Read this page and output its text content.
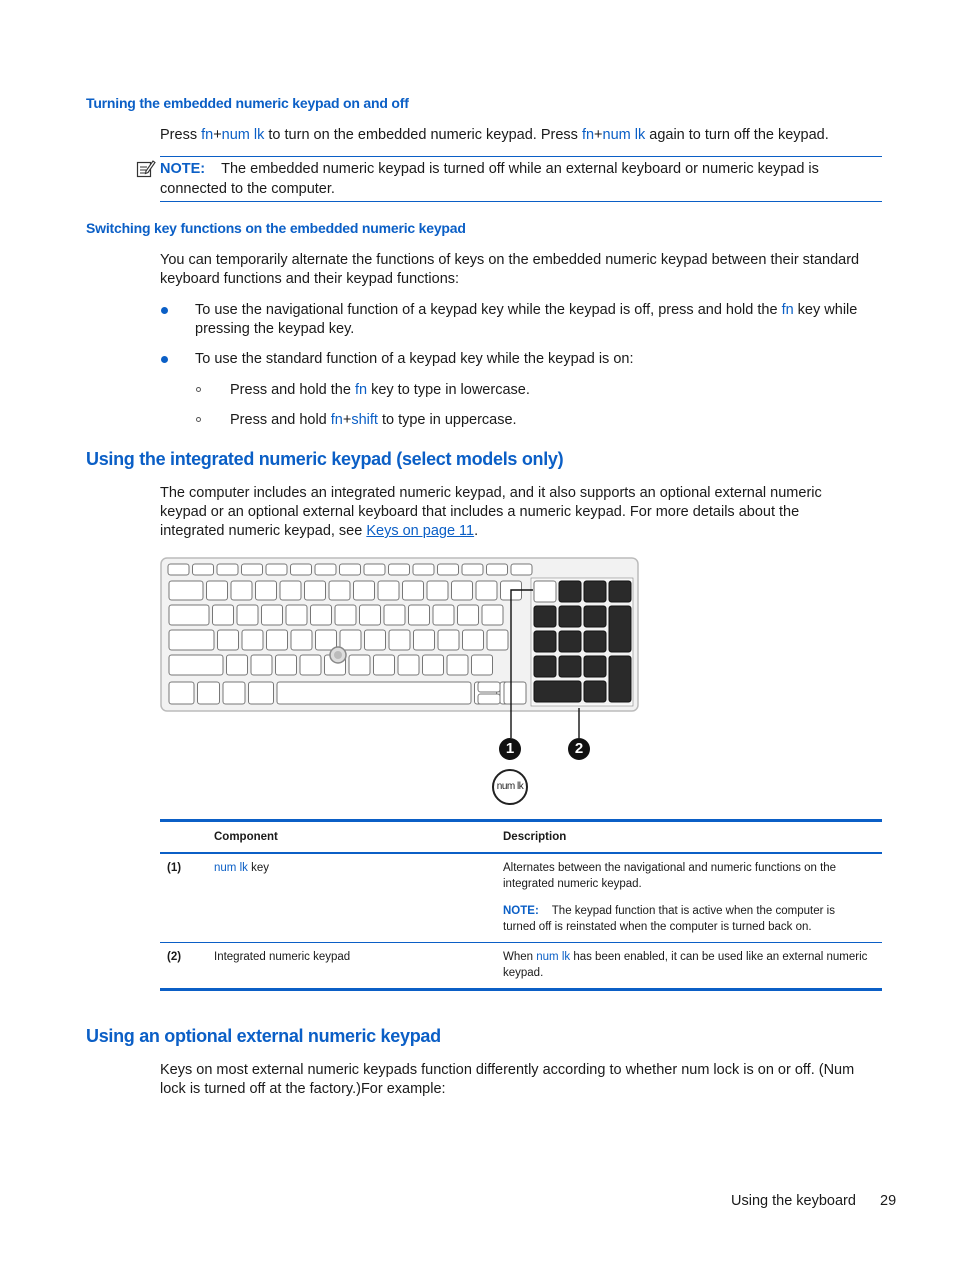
Turning the embedded numeric keypad on and off
Press fn+num lk to turn on the embedded numeric keypad. Press fn+num lk again to turn off the keypad.
NOTE: The embedded numeric keypad is turned off while an external keyboard or numeric keypad is
connected to the computer.
Switching key functions on the embedded numeric keypad
You can temporarily alternate the functions of keys on the embedded numeric keypad between their standard
keyboard functions and their keypad functions:
To use the navigational function of a keypad key while the keypad is off, press and hold the fn key while
pressing the keypad key.
To use the standard function of a keypad key while the keypad is on:
Press and hold the fn key to type in lowercase.
Press and hold fn+shift to type in uppercase.
Using the integrated numeric keypad (select models only)
The computer includes an integrated numeric keypad, and it also supports an optional external numeric
keypad or an optional external keyboard that includes a numeric keypad. For more details about the
integrated numeric keypad, see Keys on page 11.
1	2
num lk
Component	Description
(1)	num lk key	Alternates between the navigational and numeric functions on the
integrated numeric keypad.
NOTE: The keypad function that is active when the computer is
turned off is reinstated when the computer is turned back on.
(2)	Integrated numeric keypad	When num lk has been enabled, it can be used like an external numeric
keypad.
Using an optional external numeric keypad
Keys on most external numeric keypads function differently according to whether num lock is on or off. (Num
lock is turned off at the factory.)For example:
Using the keyboard 29
